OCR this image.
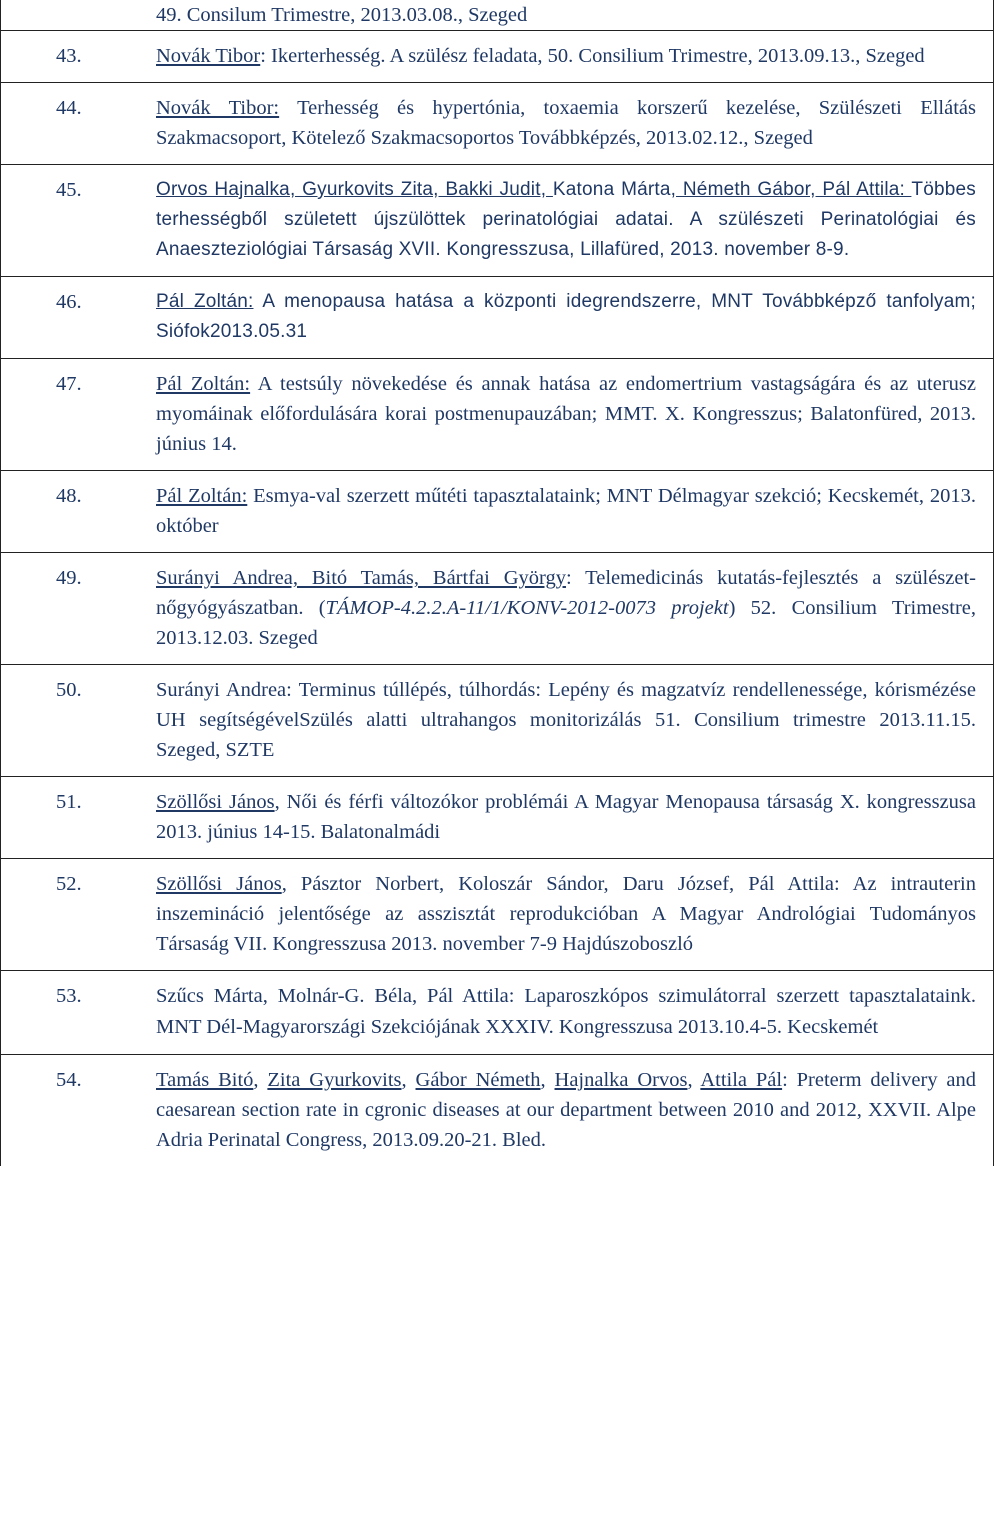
	49. Consilum Trimestre, 2013.03.08., Szeged
43.	Novák Tibor: Ikerterhesség. A szülész feladata, 50. Consilium Trimestre, 2013.09.13., Szeged
44.	Novák Tibor: Terhesség és hypertónia, toxaemia korszerű kezelése, Szülészeti Ellátás Szakmacsoport, Kötelező Szakmacsoportos Továbbképzés, 2013.02.12., Szeged
45.	Orvos Hajnalka, Gyurkovits Zita, Bakki Judit, Katona Márta, Németh Gábor, Pál Attila: Többes terhességből született újszülöttek perinatológiai adatai. A szülészeti Perinatológiai és Anaeszteziológiai Társaság XVII. Kongresszusa, Lillafüred, 2013. november 8-9.
46.	Pál Zoltán: A menopausa hatása a központi idegrendszerre, MNT Továbbképző tanfolyam; Siófok2013.05.31
47.	Pál Zoltán: A testsúly növekedése és annak hatása az endomertrium vastagságára és az uterusz myomáinak előfordulására korai postmenupauzában; MMT. X. Kongresszus; Balatonfüred, 2013. június 14.
48.	Pál Zoltán: Esmya-val szerzett műtéti tapasztalataink; MNT Délmagyar szekció; Kecskemét, 2013. október
49.	Surányi Andrea, Bitó Tamás, Bártfai György: Telemedicinás kutatás-fejlesztés a szülészet-nőgyógyászatban. (TÁMOP-4.2.2.A-11/1/KONV-2012-0073 projekt) 52. Consilium Trimestre, 2013.12.03. Szeged
50.	Surányi Andrea: Terminus túllépés, túlhordás: Lepény és magzatvíz rendellenessége, kórismézése UH segítségévelSzülés alatti ultrahangos monitorizálás 51. Consilium trimestre 2013.11.15. Szeged, SZTE
51.	Szöllősi János, Női és férfi változókor problémái A Magyar Menopausa társaság X. kongresszusa 2013. június 14-15. Balatonalmádi
52.	Szöllősi János, Pásztor Norbert, Koloszár Sándor, Daru József, Pál Attila: Az intrauterin inszemináció jelentősége az asszisztát reprodukcióban A Magyar Andrológiai Tudományos Társaság VII. Kongresszusa 2013. november 7-9 Hajdúszoboszló
53.	Szűcs Márta, Molnár-G. Béla, Pál Attila: Laparoszkópos szimulátorral szerzett tapasztalataink. MNT Dél-Magyarországi Szekciójának XXXIV. Kongresszusa 2013.10.4-5. Kecskemét
54.	Tamás Bitó, Zita Gyurkovits, Gábor Németh, Hajnalka Orvos, Attila Pál: Preterm delivery and caesarean section rate in cgronic diseases at our department between 2010 and 2012, XXVII. Alpe Adria Perinatal Congress, 2013.09.20-21. Bled.
